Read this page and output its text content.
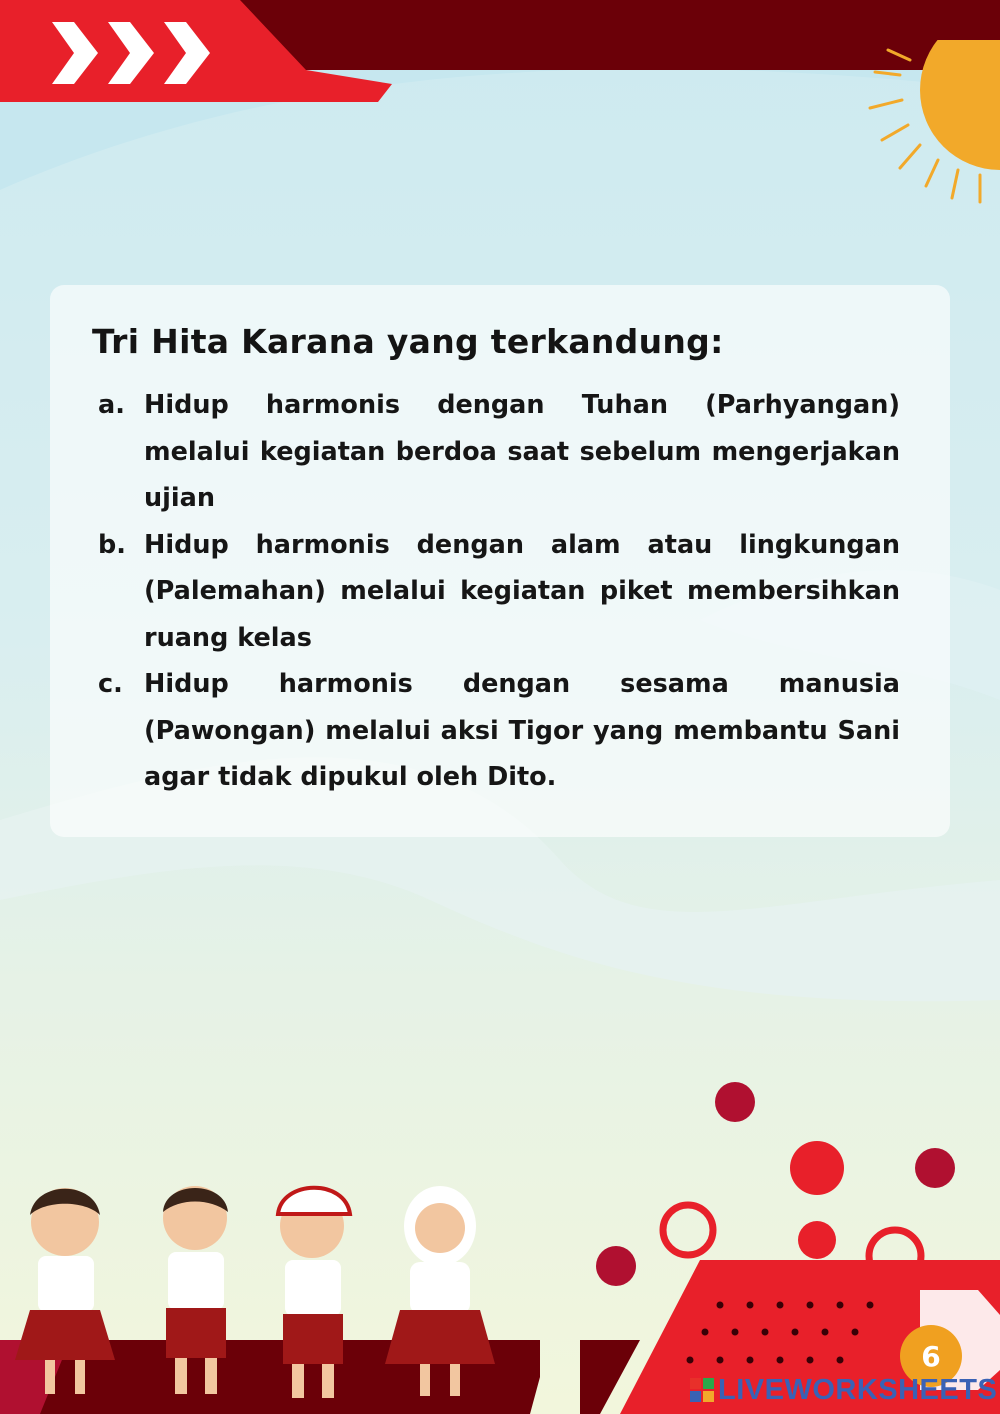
Tri Hita Karana yang terkandung:
a. Hidup harmonis dengan Tuhan (Parhyangan) melalui kegiatan berdoa saat sebelum mengerjakan ujian
b. Hidup harmonis dengan alam atau lingkungan (Palemahan) melalui kegiatan piket membersihkan ruang kelas
c. Hidup harmonis dengan sesama manusia (Pawongan) melalui aksi Tigor yang membantu Sani agar tidak dipukul oleh Dito.
6
LIVEWORKSHEETS
